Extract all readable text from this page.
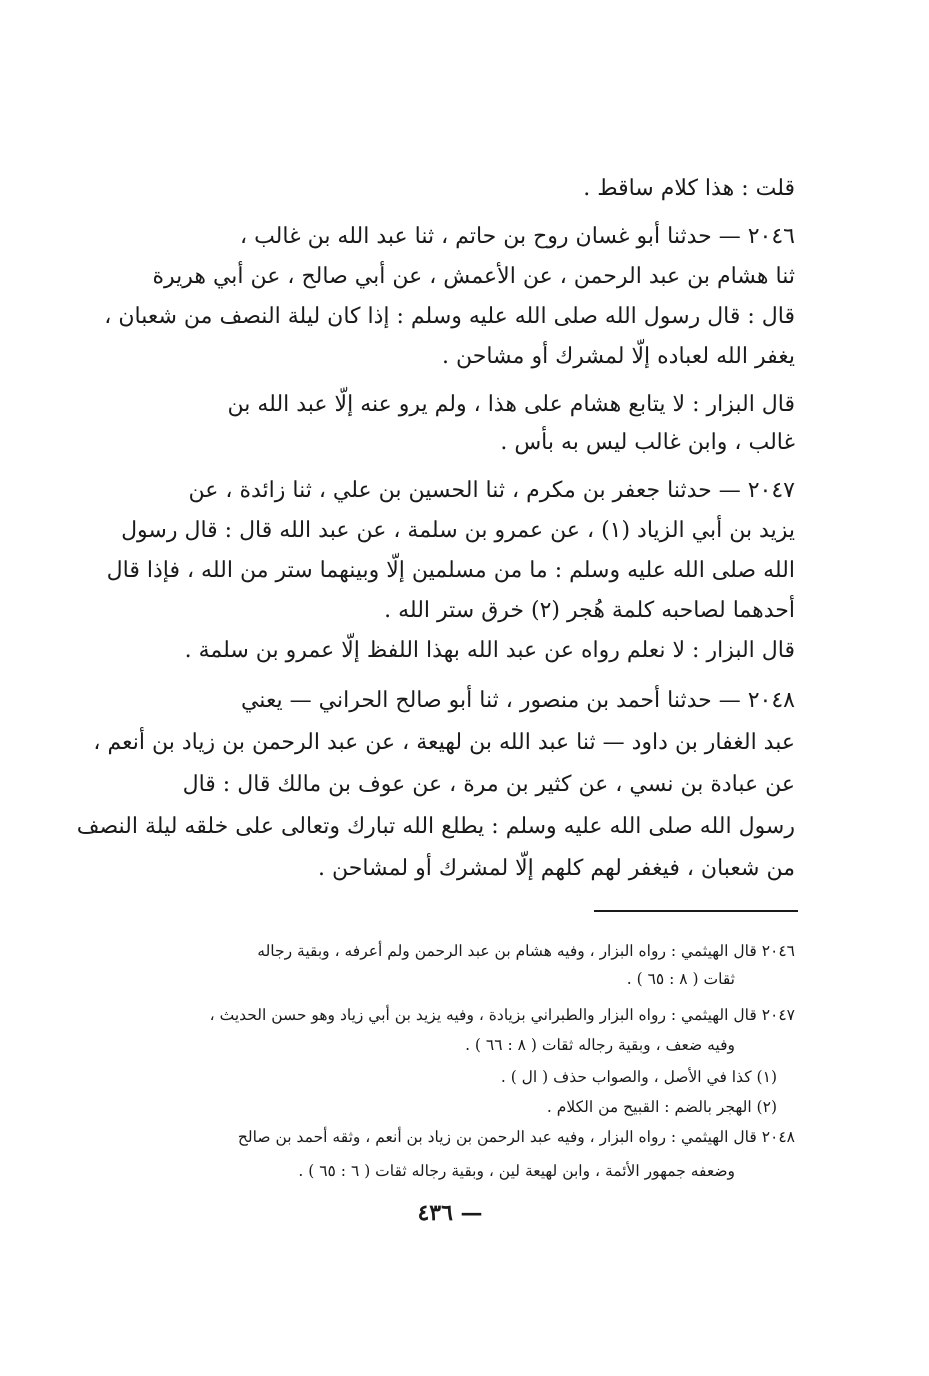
قلت : هذا كلام ساقط .
٢٠٤٦ — حدثنا أبو غسان روح بن حاتم ، ثنا عبد الله بن غالب ،
ثنا هشام بن عبد الرحمن ، عن الأعمش ، عن أبي صالح ، عن أبي هريرة
قال : قال رسول الله صلى الله عليه وسلم : إذا كان ليلة النصف من شعبان ،
يغفر الله لعباده إلّا لمشرك أو مشاحن .
قال البزار : لا يتابع هشام على هذا ، ولم يرو عنه إلّا عبد الله بن
غالب ، وابن غالب ليس به بأس .
٢٠٤٧ — حدثنا جعفر بن مكرم ، ثنا الحسين بن علي ، ثنا زائدة ، عن
يزيد بن أبي الزياد (١) ، عن عمرو بن سلمة ، عن عبد الله قال : قال رسول
الله صلى الله عليه وسلم : ما من مسلمين إلّا وبينهما ستر من الله ، فإذا قال
أحدهما لصاحبه كلمة هُجر (٢) خرق ستر الله .
قال البزار : لا نعلم رواه عن عبد الله بهذا اللفظ إلّا عمرو بن سلمة .
٢٠٤٨ — حدثنا أحمد بن منصور ، ثنا أبو صالح الحراني — يعني
عبد الغفار بن داود — ثنا عبد الله بن لهيعة ، عن عبد الرحمن بن زياد بن أنعم ،
عن عبادة بن نسي ، عن كثير بن مرة ، عن عوف بن مالك قال : قال
رسول الله صلى الله عليه وسلم : يطلع الله تبارك وتعالى على خلقه ليلة النصف
من شعبان ، فيغفر لهم كلهم إلّا لمشرك أو لمشاحن .
٢٠٤٦ قال الهيثمي : رواه البزار ، وفيه هشام بن عبد الرحمن ولم أعرفه ، وبقية رجاله
ثقات ( ٨ : ٦٥ ) .
٢٠٤٧ قال الهيثمي : رواه البزار والطبراني بزيادة ، وفيه يزيد بن أبي زياد وهو حسن الحديث ،
وفيه ضعف ، وبقية رجاله ثقات ( ٨ : ٦٦ ) .
(١) كذا في الأصل ، والصواب حذف ( ال ) .
(٢) الهجر بالضم : القبيح من الكلام .
٢٠٤٨ قال الهيثمي : رواه البزار ، وفيه عبد الرحمن بن زياد بن أنعم ، وثقه أحمد بن صالح
وضعفه جمهور الأئمة ، وابن لهيعة لين ، وبقية رجاله ثقات ( ٦ : ٦٥ ) .
— ٤٣٦
